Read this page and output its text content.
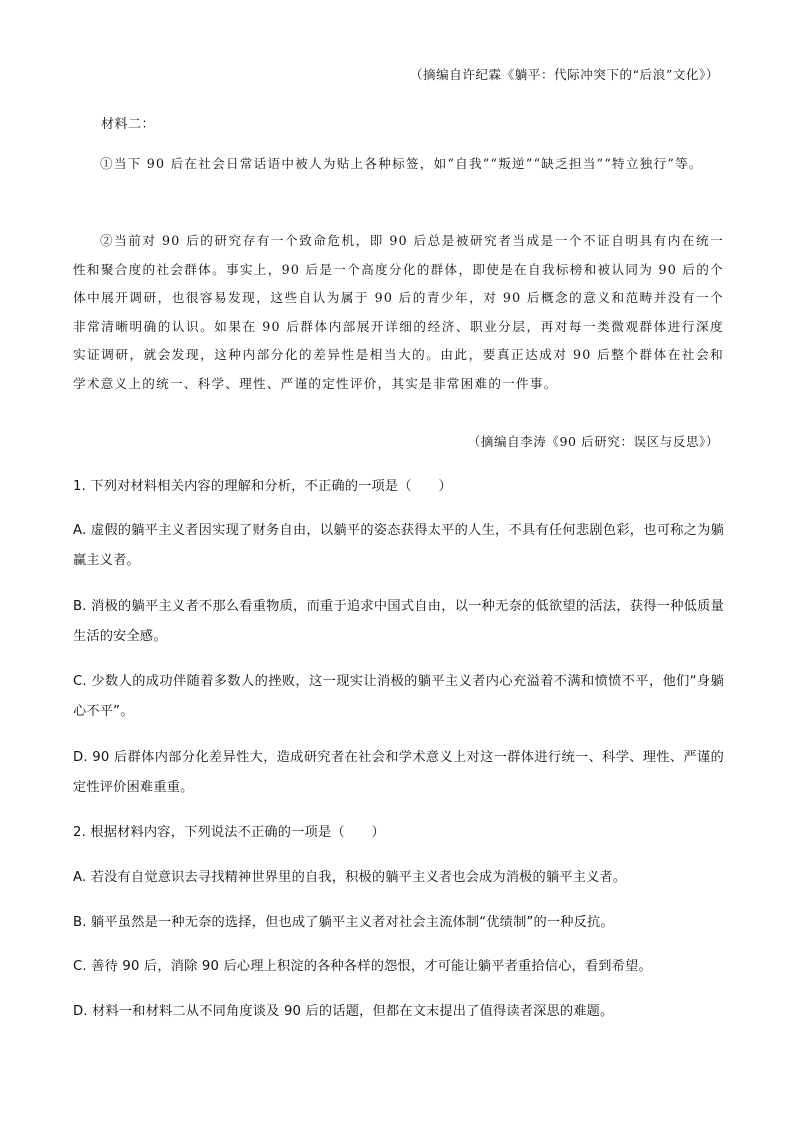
（摘编自许纪霖《躺平：代际冲突下的“后浪”文化》）
材料二：
①当下 90 后在社会日常话语中被人为贴上各种标签，如“自我”“叛逆”“缺乏担当”“特立独行”等。
②当前对 90 后的研究存有一个致命危机，即 90 后总是被研究者当成是一个不证自明具有内在统一性和聚合度的社会群体。事实上，90 后是一个高度分化的群体，即使是在自我标榜和被认同为 90 后的个体中展开调研，也很容易发现，这些自认为属于 90 后的青少年，对 90 后概念的意义和范畴并没有一个非常清晰明确的认识。如果在 90 后群体内部展开详细的经济、职业分层，再对每一类微观群体进行深度实证调研，就会发现，这种内部分化的差异性是相当大的。由此，要真正达成对 90 后整个群体在社会和学术意义上的统一、科学、理性、严谨的定性评价，其实是非常困难的一件事。
（摘编自李涛《90 后研究：误区与反思》）
1. 下列对材料相关内容的理解和分析，不正确的一项是（　　）
A. 虚假的躺平主义者因实现了财务自由，以躺平的姿态获得太平的人生，不具有任何悲剧色彩，也可称之为躺赢主义者。
B. 消极的躺平主义者不那么看重物质，而重于追求中国式自由，以一种无奈的低欲望的活法，获得一种低质量生活的安全感。
C. 少数人的成功伴随着多数人的挫败，这一现实让消极的躺平主义者内心充溢着不满和愤愤不平，他们“身躺心不平”。
D. 90 后群体内部分化差异性大，造成研究者在社会和学术意义上对这一群体进行统一、科学、理性、严谨的定性评价困难重重。
2. 根据材料内容，下列说法不正确的一项是（　　）
A. 若没有自觉意识去寻找精神世界里的自我，积极的躺平主义者也会成为消极的躺平主义者。
B. 躺平虽然是一种无奈的选择，但也成了躺平主义者对社会主流体制“优绩制”的一种反抗。
C. 善待 90 后，消除 90 后心理上积淀的各种各样的怨恨，才可能让躺平者重拾信心，看到希望。
D. 材料一和材料二从不同角度谈及 90 后的话题，但都在文末提出了值得读者深思的难题。
